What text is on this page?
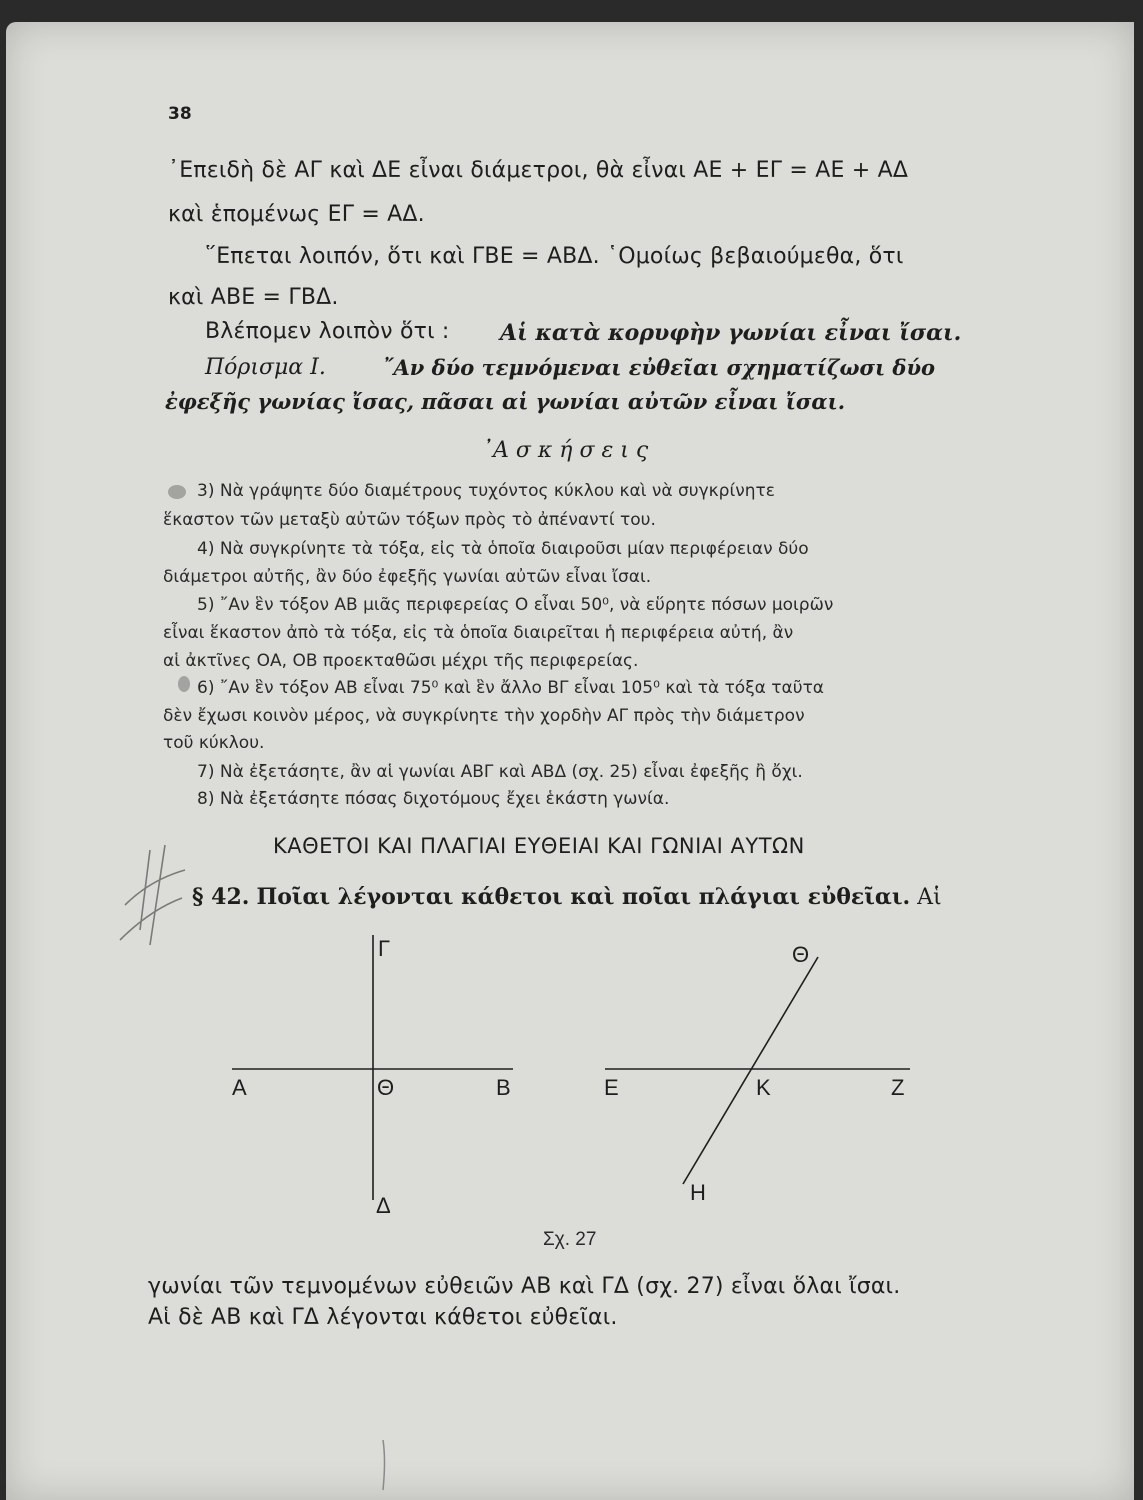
38
᾿Επειδὴ δὲ ΑΓ καὶ ΔΕ εἶναι διάμετροι, θὰ εἶναι ΑΕ + ΕΓ = ΑΕ + ΑΔ
καὶ ἑπομένως ΕΓ = ΑΔ.
῞Επεται λοιπόν, ὅτι καὶ ΓΒΕ = ΑΒΔ. ῾Ομοίως βεβαιούμεθα, ὅτι
καὶ ΑΒΕ = ΓΒΔ.
Βλέπομεν λοιπὸν ὅτι : Αἱ κατὰ κορυφὴν γωνίαι εἶναι ἴσαι.
Πόρισμα Ι.	῎Αν δύο τεμνόμεναι εὐθεῖαι σχηματίζωσι δύο
ἐφεξῆς γωνίας ἴσας, πᾶσαι αἱ γωνίαι αὐτῶν εἶναι ἴσαι.
᾿Α σ κ ή σ ε ι ς
3) Νὰ γράψητε δύο διαμέτρους τυχόντος κύκλου καὶ νὰ συγκρίνητε
ἕκαστον τῶν μεταξὺ αὐτῶν τόξων πρὸς τὸ ἀπέναντί του.
4) Νὰ συγκρίνητε τὰ τόξα, εἰς τὰ ὁποῖα διαιροῦσι μίαν περιφέρειαν δύο
διάμετροι αὐτῆς, ἂν δύο ἐφεξῆς γωνίαι αὐτῶν εἶναι ἴσαι.
5) ῎Αν ἓν τόξον ΑΒ μιᾶς περιφερείας Ο εἶναι 50⁰, νὰ εὕρητε πόσων μοιρῶν
εἶναι ἕκαστον ἀπὸ τὰ τόξα, εἰς τὰ ὁποῖα διαιρεῖται ἡ περιφέρεια αὐτή, ἂν
αἱ ἀκτῖνες ΟΑ, ΟΒ προεκταθῶσι μέχρι τῆς περιφερείας.
6) ῎Αν ἓν τόξον ΑΒ εἶναι 75⁰ καὶ ἓν ἄλλο ΒΓ εἶναι 105⁰ καὶ τὰ τόξα ταῦτα
δὲν ἔχωσι κοινὸν μέρος, νὰ συγκρίνητε τὴν χορδὴν ΑΓ πρὸς τὴν διάμετρον
τοῦ κύκλου.
7) Νὰ ἐξετάσητε, ἂν αἱ γωνίαι ΑΒΓ καὶ ΑΒΔ (σχ. 25) εἶναι ἐφεξῆς ἢ ὄχι.
8) Νὰ ἐξετάσητε πόσας διχοτόμους ἔχει ἑκάστη γωνία.
ΚΑΘΕΤΟΙ ΚΑΙ ΠΛΑΓΙΑΙ ΕΥΘΕΙΑΙ ΚΑΙ ΓΩΝΙΑΙ ΑΥΤΩΝ
§ 42. Ποῖαι λέγονται κάθετοι καὶ ποῖαι πλάγιαι εὐθεῖαι. Αἱ
Γ
Α	Θ	Β
Δ
Θ
Ε	Κ	Ζ
Η
Σχ. 27
γωνίαι τῶν τεμνομένων εὐθειῶν ΑΒ καὶ ΓΔ (σχ. 27) εἶναι ὅλαι ἴσαι.
Αἱ δὲ ΑΒ καὶ ΓΔ λέγονται κάθετοι εὐθεῖαι.
